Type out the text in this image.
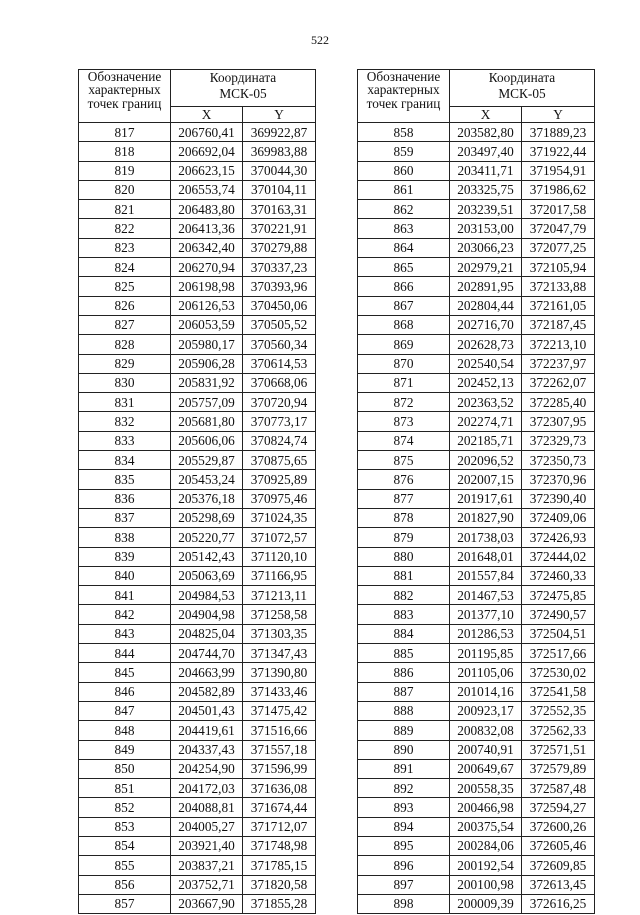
522
Обозначение
характерных
точек границ	Координата
МСК-05	

	X	Y
817	206760,41	369922,87
818	206692,04	369983,88
819	206623,15	370044,30
820	206553,74	370104,11
821	206483,80	370163,31
822	206413,36	370221,91
823	206342,40	370279,88
824	206270,94	370337,23
825	206198,98	370393,96
826	206126,53	370450,06
827	206053,59	370505,52
828	205980,17	370560,34
829	205906,28	370614,53
830	205831,92	370668,06
831	205757,09	370720,94
832	205681,80	370773,17
833	205606,06	370824,74
834	205529,87	370875,65
835	205453,24	370925,89
836	205376,18	370975,46
837	205298,69	371024,35
838	205220,77	371072,57
839	205142,43	371120,10
840	205063,69	371166,95
841	204984,53	371213,11
842	204904,98	371258,58
843	204825,04	371303,35
844	204744,70	371347,43
845	204663,99	371390,80
846	204582,89	371433,46
847	204501,43	371475,42
848	204419,61	371516,66
849	204337,43	371557,18
850	204254,90	371596,99
851	204172,03	371636,08
852	204088,81	371674,44
853	204005,27	371712,07
854	203921,40	371748,98
855	203837,21	371785,15
856	203752,71	371820,58
857	203667,90	371855,28
Обозначение
характерных
точек границ	Координата
МСК-05	

	X	Y
858	203582,80	371889,23
859	203497,40	371922,44
860	203411,71	371954,91
861	203325,75	371986,62
862	203239,51	372017,58
863	203153,00	372047,79
864	203066,23	372077,25
865	202979,21	372105,94
866	202891,95	372133,88
867	202804,44	372161,05
868	202716,70	372187,45
869	202628,73	372213,10
870	202540,54	372237,97
871	202452,13	372262,07
872	202363,52	372285,40
873	202274,71	372307,95
874	202185,71	372329,73
875	202096,52	372350,73
876	202007,15	372370,96
877	201917,61	372390,40
878	201827,90	372409,06
879	201738,03	372426,93
880	201648,01	372444,02
881	201557,84	372460,33
882	201467,53	372475,85
883	201377,10	372490,57
884	201286,53	372504,51
885	201195,85	372517,66
886	201105,06	372530,02
887	201014,16	372541,58
888	200923,17	372552,35
889	200832,08	372562,33
890	200740,91	372571,51
891	200649,67	372579,89
892	200558,35	372587,48
893	200466,98	372594,27
894	200375,54	372600,26
895	200284,06	372605,46
896	200192,54	372609,85
897	200100,98	372613,45
898	200009,39	372616,25
